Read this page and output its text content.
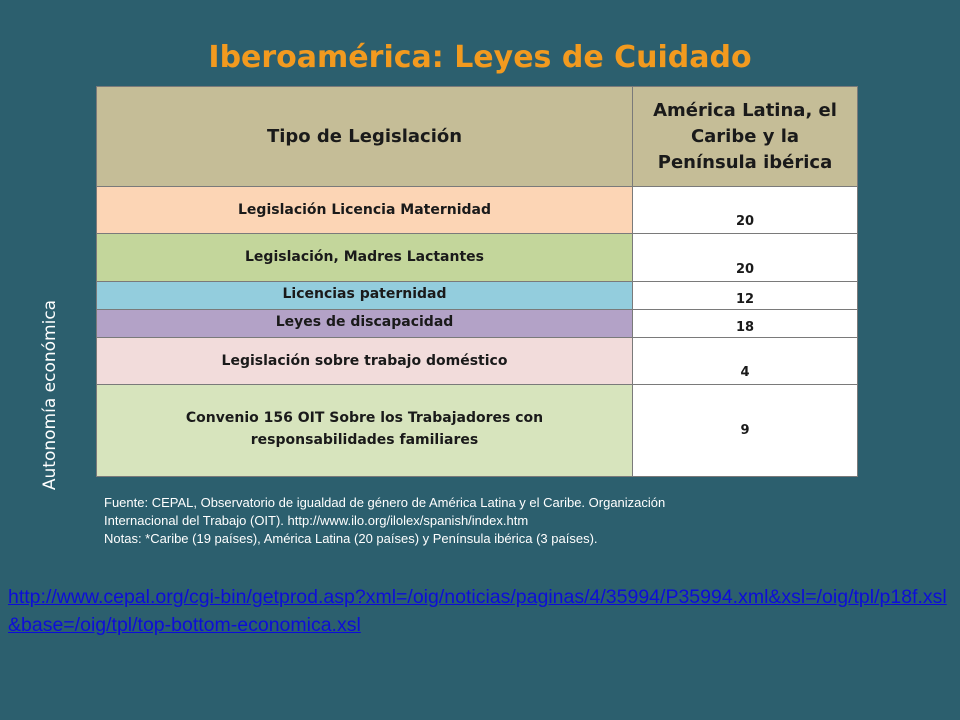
Iberoamérica: Leyes de Cuidado
Autonomía económica
Tipo de Legislación	América Latina, el Caribe y la Península ibérica
Legislación Licencia Maternidad	20
Legislación, Madres Lactantes	20
Licencias paternidad	12
Leyes de discapacidad	18
Legislación sobre trabajo doméstico	4
Convenio 156 OIT Sobre los Trabajadores con responsabilidades familiares	9
Fuente: CEPAL, Observatorio de igualdad de género de América Latina y el Caribe. Organización
Internacional del Trabajo (OIT). http://www.ilo.org/ilolex/spanish/index.htm
Notas: *Caribe (19 países), América Latina (20 países) y Península ibérica (3 países).
http://www.cepal.org/cgi-bin/getprod.asp?xml=/oig/noticias/paginas/4/35994/P35994.xml&xsl=/oig/tpl/p18f.xsl&base=/oig/tpl/top-bottom-economica.xsl
